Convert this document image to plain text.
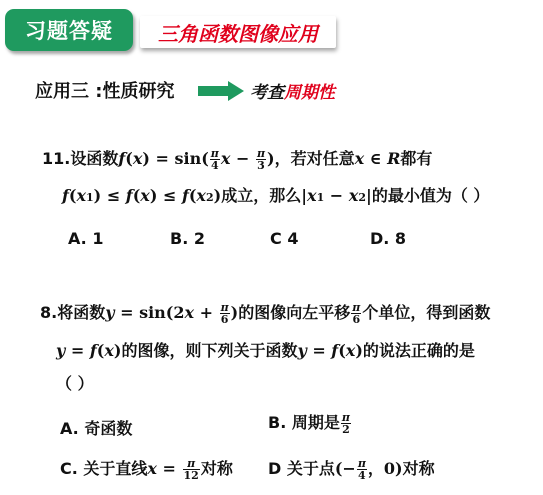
习题答疑	三角函数图像应用
应用三 :性质研究	考查周期性
11.设函数$f(x) = \sin( \frac{\pi}{4}$ $x - \frac{\pi}{3}$ )，若对任意x ∈ R都有
f(x1) ≤ f(x) ≤ f(x2)成立，那么|x1 − x2|的最小值为（ ）
A. 1	B. 2	C 4	D. 8
8.将函数$y = \sin(2x + \frac{\pi}{6}$ )的图像向左平移 $\frac{\pi}{6}$ 个单位，得到函数
y = f(x)的图像，则下列关于函数y = f(x)的说法正确的是
（ ）
A. 奇函数	B. 周期是 $\frac{\pi}{2}$
C. 关于直线$x = \frac{\pi}{12}$ 对称 D 关于点(− $\frac{\pi}{4}$ ，0)对称
